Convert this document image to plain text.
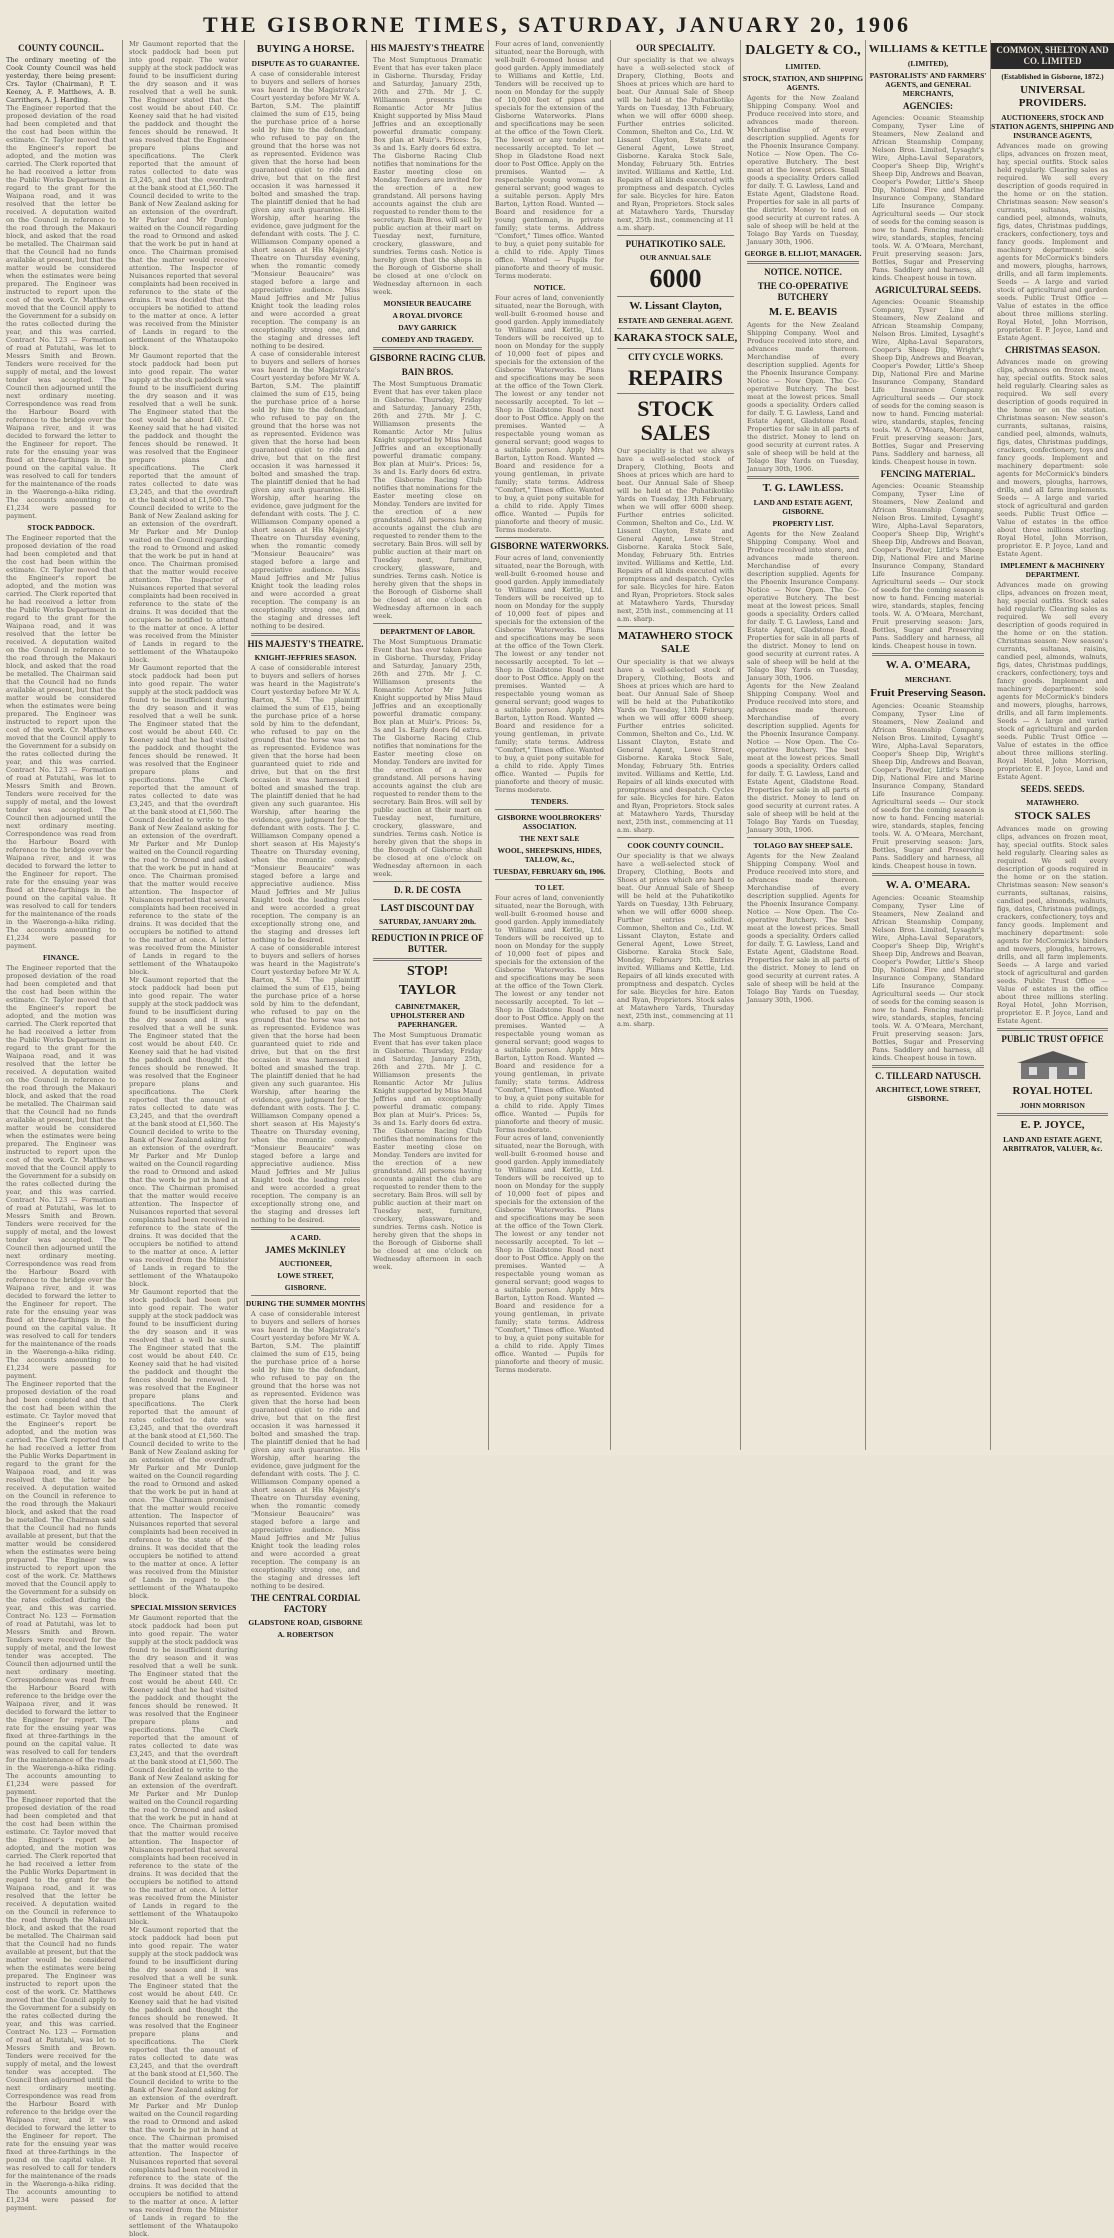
THE GISBORNE TIMES, SATURDAY, JANUARY 20, 1906
COUNTY COUNCIL.
The ordinary meeting of the Cook County Council was held yesterday, there being present: Crs. Taylor (Chairman), P. T. Keeney, A. F. Matthews, A. B. Carrithers, A. J. Harding.
The Engineer reported that the proposed deviation of the road had been completed and that the cost had been within the estimate. Cr. Taylor moved that the Engineer's report be adopted, and the motion was carried. The Clerk reported that he had received a letter from the Public Works Department in regard to the grant for the Waipaoa road, and it was resolved that the letter be received. A deputation waited on the Council in reference to the road through the Makauri block, and asked that the road be metalled. The Chairman said that the Council had no funds available at present, but that the matter would be considered when the estimates were being prepared. The Engineer was instructed to report upon the cost of the work. Cr. Matthews moved that the Council apply to the Government for a subsidy on the rates collected during the year, and this was carried. Contract No. 123 — Formation of road at Patutahi, was let to Messrs Smith and Brown. Tenders were received for the supply of metal, and the lowest tender was accepted. The Council then adjourned until the next ordinary meeting. Correspondence was read from the Harbour Board with reference to the bridge over the Waipaoa river, and it was decided to forward the letter to the Engineer for report. The rate for the ensuing year was fixed at three-farthings in the pound on the capital value. It was resolved to call for tenders for the maintenance of the roads in the Waerenga-a-hika riding. The accounts amounting to £1,234 were passed for payment.
STOCK PADDOCK.
The Engineer reported that the proposed deviation of the road had been completed and that the cost had been within the estimate. Cr. Taylor moved that the Engineer's report be adopted, and the motion was carried. The Clerk reported that he had received a letter from the Public Works Department in regard to the grant for the Waipaoa road, and it was resolved that the letter be received. A deputation waited on the Council in reference to the road through the Makauri block, and asked that the road be metalled. The Chairman said that the Council had no funds available at present, but that the matter would be considered when the estimates were being prepared. The Engineer was instructed to report upon the cost of the work. Cr. Matthews moved that the Council apply to the Government for a subsidy on the rates collected during the year, and this was carried. Contract No. 123 — Formation of road at Patutahi, was let to Messrs Smith and Brown. Tenders were received for the supply of metal, and the lowest tender was accepted. The Council then adjourned until the next ordinary meeting. Correspondence was read from the Harbour Board with reference to the bridge over the Waipaoa river, and it was decided to forward the letter to the Engineer for report. The rate for the ensuing year was fixed at three-farthings in the pound on the capital value. It was resolved to call for tenders for the maintenance of the roads in the Waerenga-a-hika riding. The accounts amounting to £1,234 were passed for payment.
FINANCE.
The Engineer reported that the proposed deviation of the road had been completed and that the cost had been within the estimate. Cr. Taylor moved that the Engineer's report be adopted, and the motion was carried. The Clerk reported that he had received a letter from the Public Works Department in regard to the grant for the Waipaoa road, and it was resolved that the letter be received. A deputation waited on the Council in reference to the road through the Makauri block, and asked that the road be metalled. The Chairman said that the Council had no funds available at present, but that the matter would be considered when the estimates were being prepared. The Engineer was instructed to report upon the cost of the work. Cr. Matthews moved that the Council apply to the Government for a subsidy on the rates collected during the year, and this was carried. Contract No. 123 — Formation of road at Patutahi, was let to Messrs Smith and Brown. Tenders were received for the supply of metal, and the lowest tender was accepted. The Council then adjourned until the next ordinary meeting. Correspondence was read from the Harbour Board with reference to the bridge over the Waipaoa river, and it was decided to forward the letter to the Engineer for report. The rate for the ensuing year was fixed at three-farthings in the pound on the capital value. It was resolved to call for tenders for the maintenance of the roads in the Waerenga-a-hika riding. The accounts amounting to £1,234 were passed for payment.
The Engineer reported that the proposed deviation of the road had been completed and that the cost had been within the estimate. Cr. Taylor moved that the Engineer's report be adopted, and the motion was carried. The Clerk reported that he had received a letter from the Public Works Department in regard to the grant for the Waipaoa road, and it was resolved that the letter be received. A deputation waited on the Council in reference to the road through the Makauri block, and asked that the road be metalled. The Chairman said that the Council had no funds available at present, but that the matter would be considered when the estimates were being prepared. The Engineer was instructed to report upon the cost of the work. Cr. Matthews moved that the Council apply to the Government for a subsidy on the rates collected during the year, and this was carried. Contract No. 123 — Formation of road at Patutahi, was let to Messrs Smith and Brown. Tenders were received for the supply of metal, and the lowest tender was accepted. The Council then adjourned until the next ordinary meeting. Correspondence was read from the Harbour Board with reference to the bridge over the Waipaoa river, and it was decided to forward the letter to the Engineer for report. The rate for the ensuing year was fixed at three-farthings in the pound on the capital value. It was resolved to call for tenders for the maintenance of the roads in the Waerenga-a-hika riding. The accounts amounting to £1,234 were passed for payment.
The Engineer reported that the proposed deviation of the road had been completed and that the cost had been within the estimate. Cr. Taylor moved that the Engineer's report be adopted, and the motion was carried. The Clerk reported that he had received a letter from the Public Works Department in regard to the grant for the Waipaoa road, and it was resolved that the letter be received. A deputation waited on the Council in reference to the road through the Makauri block, and asked that the road be metalled. The Chairman said that the Council had no funds available at present, but that the matter would be considered when the estimates were being prepared. The Engineer was instructed to report upon the cost of the work. Cr. Matthews moved that the Council apply to the Government for a subsidy on the rates collected during the year, and this was carried. Contract No. 123 — Formation of road at Patutahi, was let to Messrs Smith and Brown. Tenders were received for the supply of metal, and the lowest tender was accepted. The Council then adjourned until the next ordinary meeting. Correspondence was read from the Harbour Board with reference to the bridge over the Waipaoa river, and it was decided to forward the letter to the Engineer for report. The rate for the ensuing year was fixed at three-farthings in the pound on the capital value. It was resolved to call for tenders for the maintenance of the roads in the Waerenga-a-hika riding. The accounts amounting to £1,234 were passed for payment.
Mr Gaumont reported that the stock paddock had been put into good repair. The water supply at the stock paddock was found to be insufficient during the dry season and it was resolved that a well be sunk. The Engineer stated that the cost would be about £40. Cr. Keeney said that he had visited the paddock and thought the fences should be renewed. It was resolved that the Engineer prepare plans and specifications. The Clerk reported that the amount of rates collected to date was £3,245, and that the overdraft at the bank stood at £1,560. The Council decided to write to the Bank of New Zealand asking for an extension of the overdraft. Mr Parker and Mr Dunlop waited on the Council regarding the road to Ormond and asked that the work be put in hand at once. The Chairman promised that the matter would receive attention. The Inspector of Nuisances reported that several complaints had been received in reference to the state of the drains. It was decided that the occupiers be notified to attend to the matter at once. A letter was received from the Minister of Lands in regard to the settlement of the Whataupoko block.
Mr Gaumont reported that the stock paddock had been put into good repair. The water supply at the stock paddock was found to be insufficient during the dry season and it was resolved that a well be sunk. The Engineer stated that the cost would be about £40. Cr. Keeney said that he had visited the paddock and thought the fences should be renewed. It was resolved that the Engineer prepare plans and specifications. The Clerk reported that the amount of rates collected to date was £3,245, and that the overdraft at the bank stood at £1,560. The Council decided to write to the Bank of New Zealand asking for an extension of the overdraft. Mr Parker and Mr Dunlop waited on the Council regarding the road to Ormond and asked that the work be put in hand at once. The Chairman promised that the matter would receive attention. The Inspector of Nuisances reported that several complaints had been received in reference to the state of the drains. It was decided that the occupiers be notified to attend to the matter at once. A letter was received from the Minister of Lands in regard to the settlement of the Whataupoko block.
Mr Gaumont reported that the stock paddock had been put into good repair. The water supply at the stock paddock was found to be insufficient during the dry season and it was resolved that a well be sunk. The Engineer stated that the cost would be about £40. Cr. Keeney said that he had visited the paddock and thought the fences should be renewed. It was resolved that the Engineer prepare plans and specifications. The Clerk reported that the amount of rates collected to date was £3,245, and that the overdraft at the bank stood at £1,560. The Council decided to write to the Bank of New Zealand asking for an extension of the overdraft. Mr Parker and Mr Dunlop waited on the Council regarding the road to Ormond and asked that the work be put in hand at once. The Chairman promised that the matter would receive attention. The Inspector of Nuisances reported that several complaints had been received in reference to the state of the drains. It was decided that the occupiers be notified to attend to the matter at once. A letter was received from the Minister of Lands in regard to the settlement of the Whataupoko block.
Mr Gaumont reported that the stock paddock had been put into good repair. The water supply at the stock paddock was found to be insufficient during the dry season and it was resolved that a well be sunk. The Engineer stated that the cost would be about £40. Cr. Keeney said that he had visited the paddock and thought the fences should be renewed. It was resolved that the Engineer prepare plans and specifications. The Clerk reported that the amount of rates collected to date was £3,245, and that the overdraft at the bank stood at £1,560. The Council decided to write to the Bank of New Zealand asking for an extension of the overdraft. Mr Parker and Mr Dunlop waited on the Council regarding the road to Ormond and asked that the work be put in hand at once. The Chairman promised that the matter would receive attention. The Inspector of Nuisances reported that several complaints had been received in reference to the state of the drains. It was decided that the occupiers be notified to attend to the matter at once. A letter was received from the Minister of Lands in regard to the settlement of the Whataupoko block.
Mr Gaumont reported that the stock paddock had been put into good repair. The water supply at the stock paddock was found to be insufficient during the dry season and it was resolved that a well be sunk. The Engineer stated that the cost would be about £40. Cr. Keeney said that he had visited the paddock and thought the fences should be renewed. It was resolved that the Engineer prepare plans and specifications. The Clerk reported that the amount of rates collected to date was £3,245, and that the overdraft at the bank stood at £1,560. The Council decided to write to the Bank of New Zealand asking for an extension of the overdraft. Mr Parker and Mr Dunlop waited on the Council regarding the road to Ormond and asked that the work be put in hand at once. The Chairman promised that the matter would receive attention. The Inspector of Nuisances reported that several complaints had been received in reference to the state of the drains. It was decided that the occupiers be notified to attend to the matter at once. A letter was received from the Minister of Lands in regard to the settlement of the Whataupoko block.
SPECIAL MISSION SERVICES
Mr Gaumont reported that the stock paddock had been put into good repair. The water supply at the stock paddock was found to be insufficient during the dry season and it was resolved that a well be sunk. The Engineer stated that the cost would be about £40. Cr. Keeney said that he had visited the paddock and thought the fences should be renewed. It was resolved that the Engineer prepare plans and specifications. The Clerk reported that the amount of rates collected to date was £3,245, and that the overdraft at the bank stood at £1,560. The Council decided to write to the Bank of New Zealand asking for an extension of the overdraft. Mr Parker and Mr Dunlop waited on the Council regarding the road to Ormond and asked that the work be put in hand at once. The Chairman promised that the matter would receive attention. The Inspector of Nuisances reported that several complaints had been received in reference to the state of the drains. It was decided that the occupiers be notified to attend to the matter at once. A letter was received from the Minister of Lands in regard to the settlement of the Whataupoko block.
Mr Gaumont reported that the stock paddock had been put into good repair. The water supply at the stock paddock was found to be insufficient during the dry season and it was resolved that a well be sunk. The Engineer stated that the cost would be about £40. Cr. Keeney said that he had visited the paddock and thought the fences should be renewed. It was resolved that the Engineer prepare plans and specifications. The Clerk reported that the amount of rates collected to date was £3,245, and that the overdraft at the bank stood at £1,560. The Council decided to write to the Bank of New Zealand asking for an extension of the overdraft. Mr Parker and Mr Dunlop waited on the Council regarding the road to Ormond and asked that the work be put in hand at once. The Chairman promised that the matter would receive attention. The Inspector of Nuisances reported that several complaints had been received in reference to the state of the drains. It was decided that the occupiers be notified to attend to the matter at once. A letter was received from the Minister of Lands in regard to the settlement of the Whataupoko block.
BUYING A HORSE.
DISPUTE AS TO GUARANTEE.
A case of considerable interest to buyers and sellers of horses was heard in the Magistrate's Court yesterday before Mr W. A. Barton, S.M. The plaintiff claimed the sum of £15, being the purchase price of a horse sold by him to the defendant, who refused to pay on the ground that the horse was not as represented. Evidence was given that the horse had been guaranteed quiet to ride and drive, but that on the first occasion it was harnessed it bolted and smashed the trap. The plaintiff denied that he had given any such guarantee. His Worship, after hearing the evidence, gave judgment for the defendant with costs. The J. C. Williamson Company opened a short season at His Majesty's Theatre on Thursday evening, when the romantic comedy "Monsieur Beaucaire" was staged before a large and appreciative audience. Miss Maud Jeffries and Mr Julius Knight took the leading roles and were accorded a great reception. The company is an exceptionally strong one, and the staging and dresses left nothing to be desired.
A case of considerable interest to buyers and sellers of horses was heard in the Magistrate's Court yesterday before Mr W. A. Barton, S.M. The plaintiff claimed the sum of £15, being the purchase price of a horse sold by him to the defendant, who refused to pay on the ground that the horse was not as represented. Evidence was given that the horse had been guaranteed quiet to ride and drive, but that on the first occasion it was harnessed it bolted and smashed the trap. The plaintiff denied that he had given any such guarantee. His Worship, after hearing the evidence, gave judgment for the defendant with costs. The J. C. Williamson Company opened a short season at His Majesty's Theatre on Thursday evening, when the romantic comedy "Monsieur Beaucaire" was staged before a large and appreciative audience. Miss Maud Jeffries and Mr Julius Knight took the leading roles and were accorded a great reception. The company is an exceptionally strong one, and the staging and dresses left nothing to be desired.
HIS MAJESTY'S THEATRE.
KNIGHT-JEFFRIES SEASON.
A case of considerable interest to buyers and sellers of horses was heard in the Magistrate's Court yesterday before Mr W. A. Barton, S.M. The plaintiff claimed the sum of £15, being the purchase price of a horse sold by him to the defendant, who refused to pay on the ground that the horse was not as represented. Evidence was given that the horse had been guaranteed quiet to ride and drive, but that on the first occasion it was harnessed it bolted and smashed the trap. The plaintiff denied that he had given any such guarantee. His Worship, after hearing the evidence, gave judgment for the defendant with costs. The J. C. Williamson Company opened a short season at His Majesty's Theatre on Thursday evening, when the romantic comedy "Monsieur Beaucaire" was staged before a large and appreciative audience. Miss Maud Jeffries and Mr Julius Knight took the leading roles and were accorded a great reception. The company is an exceptionally strong one, and the staging and dresses left nothing to be desired.
A case of considerable interest to buyers and sellers of horses was heard in the Magistrate's Court yesterday before Mr W. A. Barton, S.M. The plaintiff claimed the sum of £15, being the purchase price of a horse sold by him to the defendant, who refused to pay on the ground that the horse was not as represented. Evidence was given that the horse had been guaranteed quiet to ride and drive, but that on the first occasion it was harnessed it bolted and smashed the trap. The plaintiff denied that he had given any such guarantee. His Worship, after hearing the evidence, gave judgment for the defendant with costs. The J. C. Williamson Company opened a short season at His Majesty's Theatre on Thursday evening, when the romantic comedy "Monsieur Beaucaire" was staged before a large and appreciative audience. Miss Maud Jeffries and Mr Julius Knight took the leading roles and were accorded a great reception. The company is an exceptionally strong one, and the staging and dresses left nothing to be desired.
A CARD.
JAMES McKINLEY
AUCTIONEER,
LOWE STREET,
GISBORNE.
DURING THE SUMMER MONTHS
A case of considerable interest to buyers and sellers of horses was heard in the Magistrate's Court yesterday before Mr W. A. Barton, S.M. The plaintiff claimed the sum of £15, being the purchase price of a horse sold by him to the defendant, who refused to pay on the ground that the horse was not as represented. Evidence was given that the horse had been guaranteed quiet to ride and drive, but that on the first occasion it was harnessed it bolted and smashed the trap. The plaintiff denied that he had given any such guarantee. His Worship, after hearing the evidence, gave judgment for the defendant with costs. The J. C. Williamson Company opened a short season at His Majesty's Theatre on Thursday evening, when the romantic comedy "Monsieur Beaucaire" was staged before a large and appreciative audience. Miss Maud Jeffries and Mr Julius Knight took the leading roles and were accorded a great reception. The company is an exceptionally strong one, and the staging and dresses left nothing to be desired.
THE CENTRAL CORDIAL FACTORY
GLADSTONE ROAD, GISBORNE
A. ROBERTSON
HIS MAJESTY'S THEATRE
The Most Sumptuous Dramatic Event that has ever taken place in Gisborne. Thursday, Friday and Saturday, January 25th, 26th and 27th. Mr J. C. Williamson presents the Romantic Actor Mr Julius Knight supported by Miss Maud Jeffries and an exceptionally powerful dramatic company. Box plan at Muir's. Prices: 5s, 3s and 1s. Early doors 6d extra. The Gisborne Racing Club notifies that nominations for the Easter meeting close on Monday. Tenders are invited for the erection of a new grandstand. All persons having accounts against the club are requested to render them to the secretary. Bain Bros. will sell by public auction at their mart on Tuesday next, furniture, crockery, glassware, and sundries. Terms cash. Notice is hereby given that the shops in the Borough of Gisborne shall be closed at one o'clock on Wednesday afternoon in each week.
MONSIEUR BEAUCAIRE
A ROYAL DIVORCE
DAVY GARRICK
COMEDY AND TRAGEDY.
GISBORNE RACING CLUB.
BAIN BROS.
The Most Sumptuous Dramatic Event that has ever taken place in Gisborne. Thursday, Friday and Saturday, January 25th, 26th and 27th. Mr J. C. Williamson presents the Romantic Actor Mr Julius Knight supported by Miss Maud Jeffries and an exceptionally powerful dramatic company. Box plan at Muir's. Prices: 5s, 3s and 1s. Early doors 6d extra. The Gisborne Racing Club notifies that nominations for the Easter meeting close on Monday. Tenders are invited for the erection of a new grandstand. All persons having accounts against the club are requested to render them to the secretary. Bain Bros. will sell by public auction at their mart on Tuesday next, furniture, crockery, glassware, and sundries. Terms cash. Notice is hereby given that the shops in the Borough of Gisborne shall be closed at one o'clock on Wednesday afternoon in each week.
DEPARTMENT OF LABOR.
The Most Sumptuous Dramatic Event that has ever taken place in Gisborne. Thursday, Friday and Saturday, January 25th, 26th and 27th. Mr J. C. Williamson presents the Romantic Actor Mr Julius Knight supported by Miss Maud Jeffries and an exceptionally powerful dramatic company. Box plan at Muir's. Prices: 5s, 3s and 1s. Early doors 6d extra. The Gisborne Racing Club notifies that nominations for the Easter meeting close on Monday. Tenders are invited for the erection of a new grandstand. All persons having accounts against the club are requested to render them to the secretary. Bain Bros. will sell by public auction at their mart on Tuesday next, furniture, crockery, glassware, and sundries. Terms cash. Notice is hereby given that the shops in the Borough of Gisborne shall be closed at one o'clock on Wednesday afternoon in each week.
D. R. DE COSTA
LAST DISCOUNT DAY
SATURDAY, JANUARY 20th.
REDUCTION IN PRICE OF BUTTER.
STOP!
TAYLOR
CABINETMAKER, UPHOLSTERER AND PAPERHANGER.
The Most Sumptuous Dramatic Event that has ever taken place in Gisborne. Thursday, Friday and Saturday, January 25th, 26th and 27th. Mr J. C. Williamson presents the Romantic Actor Mr Julius Knight supported by Miss Maud Jeffries and an exceptionally powerful dramatic company. Box plan at Muir's. Prices: 5s, 3s and 1s. Early doors 6d extra. The Gisborne Racing Club notifies that nominations for the Easter meeting close on Monday. Tenders are invited for the erection of a new grandstand. All persons having accounts against the club are requested to render them to the secretary. Bain Bros. will sell by public auction at their mart on Tuesday next, furniture, crockery, glassware, and sundries. Terms cash. Notice is hereby given that the shops in the Borough of Gisborne shall be closed at one o'clock on Wednesday afternoon in each week.
Four acres of land, conveniently situated, near the Borough, with well-built 6-roomed house and good garden. Apply immediately to Williams and Kettle, Ltd. Tenders will be received up to noon on Monday for the supply of 10,000 feet of pipes and specials for the extension of the Gisborne Waterworks. Plans and specifications may be seen at the office of the Town Clerk. The lowest or any tender not necessarily accepted. To let — Shop in Gladstone Road next door to Post Office. Apply on the premises. Wanted — A respectable young woman as general servant; good wages to a suitable person. Apply Mrs Barton, Lytton Road. Wanted — Board and residence for a young gentleman, in private family; state terms. Address "Comfort," Times office. Wanted to buy, a quiet pony suitable for a child to ride. Apply Times office. Wanted — Pupils for pianoforte and theory of music. Terms moderate.
NOTICE.
Four acres of land, conveniently situated, near the Borough, with well-built 6-roomed house and good garden. Apply immediately to Williams and Kettle, Ltd. Tenders will be received up to noon on Monday for the supply of 10,000 feet of pipes and specials for the extension of the Gisborne Waterworks. Plans and specifications may be seen at the office of the Town Clerk. The lowest or any tender not necessarily accepted. To let — Shop in Gladstone Road next door to Post Office. Apply on the premises. Wanted — A respectable young woman as general servant; good wages to a suitable person. Apply Mrs Barton, Lytton Road. Wanted — Board and residence for a young gentleman, in private family; state terms. Address "Comfort," Times office. Wanted to buy, a quiet pony suitable for a child to ride. Apply Times office. Wanted — Pupils for pianoforte and theory of music. Terms moderate.
GISBORNE WATERWORKS.
Four acres of land, conveniently situated, near the Borough, with well-built 6-roomed house and good garden. Apply immediately to Williams and Kettle, Ltd. Tenders will be received up to noon on Monday for the supply of 10,000 feet of pipes and specials for the extension of the Gisborne Waterworks. Plans and specifications may be seen at the office of the Town Clerk. The lowest or any tender not necessarily accepted. To let — Shop in Gladstone Road next door to Post Office. Apply on the premises. Wanted — A respectable young woman as general servant; good wages to a suitable person. Apply Mrs Barton, Lytton Road. Wanted — Board and residence for a young gentleman, in private family; state terms. Address "Comfort," Times office. Wanted to buy, a quiet pony suitable for a child to ride. Apply Times office. Wanted — Pupils for pianoforte and theory of music. Terms moderate.
TENDERS.
GISBORNE WOOLBROKERS' ASSOCIATION.
THE NEXT SALE
WOOL, SHEEPSKINS, HIDES, TALLOW, &c.,
TUESDAY, FEBRUARY 6th, 1906.
TO LET.
Four acres of land, conveniently situated, near the Borough, with well-built 6-roomed house and good garden. Apply immediately to Williams and Kettle, Ltd. Tenders will be received up to noon on Monday for the supply of 10,000 feet of pipes and specials for the extension of the Gisborne Waterworks. Plans and specifications may be seen at the office of the Town Clerk. The lowest or any tender not necessarily accepted. To let — Shop in Gladstone Road next door to Post Office. Apply on the premises. Wanted — A respectable young woman as general servant; good wages to a suitable person. Apply Mrs Barton, Lytton Road. Wanted — Board and residence for a young gentleman, in private family; state terms. Address "Comfort," Times office. Wanted to buy, a quiet pony suitable for a child to ride. Apply Times office. Wanted — Pupils for pianoforte and theory of music. Terms moderate.
Four acres of land, conveniently situated, near the Borough, with well-built 6-roomed house and good garden. Apply immediately to Williams and Kettle, Ltd. Tenders will be received up to noon on Monday for the supply of 10,000 feet of pipes and specials for the extension of the Gisborne Waterworks. Plans and specifications may be seen at the office of the Town Clerk. The lowest or any tender not necessarily accepted. To let — Shop in Gladstone Road next door to Post Office. Apply on the premises. Wanted — A respectable young woman as general servant; good wages to a suitable person. Apply Mrs Barton, Lytton Road. Wanted — Board and residence for a young gentleman, in private family; state terms. Address "Comfort," Times office. Wanted to buy, a quiet pony suitable for a child to ride. Apply Times office. Wanted — Pupils for pianoforte and theory of music. Terms moderate.
OUR SPECIALITY.
Our speciality is that we always have a well-selected stock of Drapery, Clothing, Boots and Shoes at prices which are hard to beat. Our Annual Sale of Sheep will be held at the Puhatikotiko Yards on Tuesday, 13th February, when we will offer 6000 sheep. Further entries solicited. Common, Shelton and Co., Ltd. W. Lissant Clayton, Estate and General Agent, Lowe Street, Gisborne. Karaka Stock Sale, Monday, February 5th. Entries invited. Williams and Kettle, Ltd. Repairs of all kinds executed with promptness and despatch. Cycles for sale. Bicycles for hire. Eaton and Ryan, Proprietors. Stock sales at Matawhero Yards, Thursday next, 25th inst., commencing at 11 a.m. sharp.
PUHATIKOTIKO SALE.
OUR ANNUAL SALE
6000
W. Lissant Clayton,
ESTATE AND GENERAL AGENT.
KARAKA STOCK SALE,
CITY CYCLE WORKS.
REPAIRS
STOCK SALES
Our speciality is that we always have a well-selected stock of Drapery, Clothing, Boots and Shoes at prices which are hard to beat. Our Annual Sale of Sheep will be held at the Puhatikotiko Yards on Tuesday, 13th February, when we will offer 6000 sheep. Further entries solicited. Common, Shelton and Co., Ltd. W. Lissant Clayton, Estate and General Agent, Lowe Street, Gisborne. Karaka Stock Sale, Monday, February 5th. Entries invited. Williams and Kettle, Ltd. Repairs of all kinds executed with promptness and despatch. Cycles for sale. Bicycles for hire. Eaton and Ryan, Proprietors. Stock sales at Matawhero Yards, Thursday next, 25th inst., commencing at 11 a.m. sharp.
MATAWHERO STOCK SALE
Our speciality is that we always have a well-selected stock of Drapery, Clothing, Boots and Shoes at prices which are hard to beat. Our Annual Sale of Sheep will be held at the Puhatikotiko Yards on Tuesday, 13th February, when we will offer 6000 sheep. Further entries solicited. Common, Shelton and Co., Ltd. W. Lissant Clayton, Estate and General Agent, Lowe Street, Gisborne. Karaka Stock Sale, Monday, February 5th. Entries invited. Williams and Kettle, Ltd. Repairs of all kinds executed with promptness and despatch. Cycles for sale. Bicycles for hire. Eaton and Ryan, Proprietors. Stock sales at Matawhero Yards, Thursday next, 25th inst., commencing at 11 a.m. sharp.
COOK COUNTY COUNCIL.
Our speciality is that we always have a well-selected stock of Drapery, Clothing, Boots and Shoes at prices which are hard to beat. Our Annual Sale of Sheep will be held at the Puhatikotiko Yards on Tuesday, 13th February, when we will offer 6000 sheep. Further entries solicited. Common, Shelton and Co., Ltd. W. Lissant Clayton, Estate and General Agent, Lowe Street, Gisborne. Karaka Stock Sale, Monday, February 5th. Entries invited. Williams and Kettle, Ltd. Repairs of all kinds executed with promptness and despatch. Cycles for sale. Bicycles for hire. Eaton and Ryan, Proprietors. Stock sales at Matawhero Yards, Thursday next, 25th inst., commencing at 11 a.m. sharp.
DALGETY & CO.,
LIMITED.
STOCK, STATION, AND SHIPPING AGENTS.
Agents for the New Zealand Shipping Company. Wool and Produce received into store, and advances made thereon. Merchandise of every description supplied. Agents for the Phoenix Insurance Company. Notice — Now Open. The Co-operative Butchery. The best meat at the lowest prices. Small goods a speciality. Orders called for daily. T. G. Lawless, Land and Estate Agent, Gladstone Road. Properties for sale in all parts of the district. Money to lend on good security at current rates. A sale of sheep will be held at the Tolago Bay Yards on Tuesday, January 30th, 1906.
GEORGE B. ELLIOT, MANAGER.
NOTICE. NOTICE.
THE CO-OPERATIVE BUTCHERY
M. E. BEAVIS
Agents for the New Zealand Shipping Company. Wool and Produce received into store, and advances made thereon. Merchandise of every description supplied. Agents for the Phoenix Insurance Company. Notice — Now Open. The Co-operative Butchery. The best meat at the lowest prices. Small goods a speciality. Orders called for daily. T. G. Lawless, Land and Estate Agent, Gladstone Road. Properties for sale in all parts of the district. Money to lend on good security at current rates. A sale of sheep will be held at the Tolago Bay Yards on Tuesday, January 30th, 1906.
T. G. LAWLESS.
LAND AND ESTATE AGENT, GISBORNE.
PROPERTY LIST.
Agents for the New Zealand Shipping Company. Wool and Produce received into store, and advances made thereon. Merchandise of every description supplied. Agents for the Phoenix Insurance Company. Notice — Now Open. The Co-operative Butchery. The best meat at the lowest prices. Small goods a speciality. Orders called for daily. T. G. Lawless, Land and Estate Agent, Gladstone Road. Properties for sale in all parts of the district. Money to lend on good security at current rates. A sale of sheep will be held at the Tolago Bay Yards on Tuesday, January 30th, 1906.
Agents for the New Zealand Shipping Company. Wool and Produce received into store, and advances made thereon. Merchandise of every description supplied. Agents for the Phoenix Insurance Company. Notice — Now Open. The Co-operative Butchery. The best meat at the lowest prices. Small goods a speciality. Orders called for daily. T. G. Lawless, Land and Estate Agent, Gladstone Road. Properties for sale in all parts of the district. Money to lend on good security at current rates. A sale of sheep will be held at the Tolago Bay Yards on Tuesday, January 30th, 1906.
TOLAGO BAY SHEEP SALE.
Agents for the New Zealand Shipping Company. Wool and Produce received into store, and advances made thereon. Merchandise of every description supplied. Agents for the Phoenix Insurance Company. Notice — Now Open. The Co-operative Butchery. The best meat at the lowest prices. Small goods a speciality. Orders called for daily. T. G. Lawless, Land and Estate Agent, Gladstone Road. Properties for sale in all parts of the district. Money to lend on good security at current rates. A sale of sheep will be held at the Tolago Bay Yards on Tuesday, January 30th, 1906.
WILLIAMS & KETTLE
(LIMITED),
PASTORALISTS' AND FARMERS' AGENTS, and GENERAL MERCHANTS,
AGENCIES:
Agencies: Oceanic Steamship Company, Tyser Line of Steamers, New Zealand and African Steamship Company, Nelson Bros. Limited, Lysaght's Wire, Alpha-Laval Separators, Cooper's Sheep Dip, Wright's Sheep Dip, Andrews and Beavan, Cooper's Powder, Little's Sheep Dip, National Fire and Marine Insurance Company, Standard Life Insurance Company. Agricultural seeds — Our stock of seeds for the coming season is now to hand. Fencing material: wire, standards, staples, fencing tools. W. A. O'Meara, Merchant, Fruit preserving season: Jars, Bottles, Sugar and Preserving Pans. Saddlery and harness, all kinds. Cheapest house in town.
AGRICULTURAL SEEDS.
Agencies: Oceanic Steamship Company, Tyser Line of Steamers, New Zealand and African Steamship Company, Nelson Bros. Limited, Lysaght's Wire, Alpha-Laval Separators, Cooper's Sheep Dip, Wright's Sheep Dip, Andrews and Beavan, Cooper's Powder, Little's Sheep Dip, National Fire and Marine Insurance Company, Standard Life Insurance Company. Agricultural seeds — Our stock of seeds for the coming season is now to hand. Fencing material: wire, standards, staples, fencing tools. W. A. O'Meara, Merchant, Fruit preserving season: Jars, Bottles, Sugar and Preserving Pans. Saddlery and harness, all kinds. Cheapest house in town.
FENCING MATERIAL.
Agencies: Oceanic Steamship Company, Tyser Line of Steamers, New Zealand and African Steamship Company, Nelson Bros. Limited, Lysaght's Wire, Alpha-Laval Separators, Cooper's Sheep Dip, Wright's Sheep Dip, Andrews and Beavan, Cooper's Powder, Little's Sheep Dip, National Fire and Marine Insurance Company, Standard Life Insurance Company. Agricultural seeds — Our stock of seeds for the coming season is now to hand. Fencing material: wire, standards, staples, fencing tools. W. A. O'Meara, Merchant, Fruit preserving season: Jars, Bottles, Sugar and Preserving Pans. Saddlery and harness, all kinds. Cheapest house in town.
W. A. O'MEARA,
MERCHANT.
Fruit Preserving Season.
Agencies: Oceanic Steamship Company, Tyser Line of Steamers, New Zealand and African Steamship Company, Nelson Bros. Limited, Lysaght's Wire, Alpha-Laval Separators, Cooper's Sheep Dip, Wright's Sheep Dip, Andrews and Beavan, Cooper's Powder, Little's Sheep Dip, National Fire and Marine Insurance Company, Standard Life Insurance Company. Agricultural seeds — Our stock of seeds for the coming season is now to hand. Fencing material: wire, standards, staples, fencing tools. W. A. O'Meara, Merchant, Fruit preserving season: Jars, Bottles, Sugar and Preserving Pans. Saddlery and harness, all kinds. Cheapest house in town.
W. A. O'MEARA.
Agencies: Oceanic Steamship Company, Tyser Line of Steamers, New Zealand and African Steamship Company, Nelson Bros. Limited, Lysaght's Wire, Alpha-Laval Separators, Cooper's Sheep Dip, Wright's Sheep Dip, Andrews and Beavan, Cooper's Powder, Little's Sheep Dip, National Fire and Marine Insurance Company, Standard Life Insurance Company. Agricultural seeds — Our stock of seeds for the coming season is now to hand. Fencing material: wire, standards, staples, fencing tools. W. A. O'Meara, Merchant, Fruit preserving season: Jars, Bottles, Sugar and Preserving Pans. Saddlery and harness, all kinds. Cheapest house in town.
C. TILLEARD NATUSCH.
ARCHITECT, LOWE STREET, GISBORNE.
COMMON, SHELTON AND CO. LIMITED
(Established in Gisborne, 1872.)
UNIVERSAL PROVIDERS.
AUCTIONEERS, STOCK AND STATION AGENTS, SHIPPING AND INSURANCE AGENTS,
Advances made on growing clips, advances on frozen meat, hay, special outfits. Stock sales held regularly. Clearing sales as required. We sell every description of goods required in the home or on the station. Christmas season: New season's currants, sultanas, raisins, candied peel, almonds, walnuts, figs, dates, Christmas puddings, crackers, confectionery, toys and fancy goods. Implement and machinery department: sole agents for McCormick's binders and mowers, ploughs, harrows, drills, and all farm implements. Seeds — A large and varied stock of agricultural and garden seeds. Public Trust Office — Value of estates in the office about three millions sterling. Royal Hotel, John Morrison, proprietor. E. P. Joyce, Land and Estate Agent.
CHRISTMAS SEASON.
Advances made on growing clips, advances on frozen meat, hay, special outfits. Stock sales held regularly. Clearing sales as required. We sell every description of goods required in the home or on the station. Christmas season: New season's currants, sultanas, raisins, candied peel, almonds, walnuts, figs, dates, Christmas puddings, crackers, confectionery, toys and fancy goods. Implement and machinery department: sole agents for McCormick's binders and mowers, ploughs, harrows, drills, and all farm implements. Seeds — A large and varied stock of agricultural and garden seeds. Public Trust Office — Value of estates in the office about three millions sterling. Royal Hotel, John Morrison, proprietor. E. P. Joyce, Land and Estate Agent.
IMPLEMENT & MACHINERY DEPARTMENT.
Advances made on growing clips, advances on frozen meat, hay, special outfits. Stock sales held regularly. Clearing sales as required. We sell every description of goods required in the home or on the station. Christmas season: New season's currants, sultanas, raisins, candied peel, almonds, walnuts, figs, dates, Christmas puddings, crackers, confectionery, toys and fancy goods. Implement and machinery department: sole agents for McCormick's binders and mowers, ploughs, harrows, drills, and all farm implements. Seeds — A large and varied stock of agricultural and garden seeds. Public Trust Office — Value of estates in the office about three millions sterling. Royal Hotel, John Morrison, proprietor. E. P. Joyce, Land and Estate Agent.
SEEDS. SEEDS.
MATAWHERO.
STOCK SALES
Advances made on growing clips, advances on frozen meat, hay, special outfits. Stock sales held regularly. Clearing sales as required. We sell every description of goods required in the home or on the station. Christmas season: New season's currants, sultanas, raisins, candied peel, almonds, walnuts, figs, dates, Christmas puddings, crackers, confectionery, toys and fancy goods. Implement and machinery department: sole agents for McCormick's binders and mowers, ploughs, harrows, drills, and all farm implements. Seeds — A large and varied stock of agricultural and garden seeds. Public Trust Office — Value of estates in the office about three millions sterling. Royal Hotel, John Morrison, proprietor. E. P. Joyce, Land and Estate Agent.
PUBLIC TRUST OFFICE
ROYAL HOTEL
JOHN MORRISON
E. P. JOYCE,
LAND AND ESTATE AGENT, ARBITRATOR, VALUER, &c.
